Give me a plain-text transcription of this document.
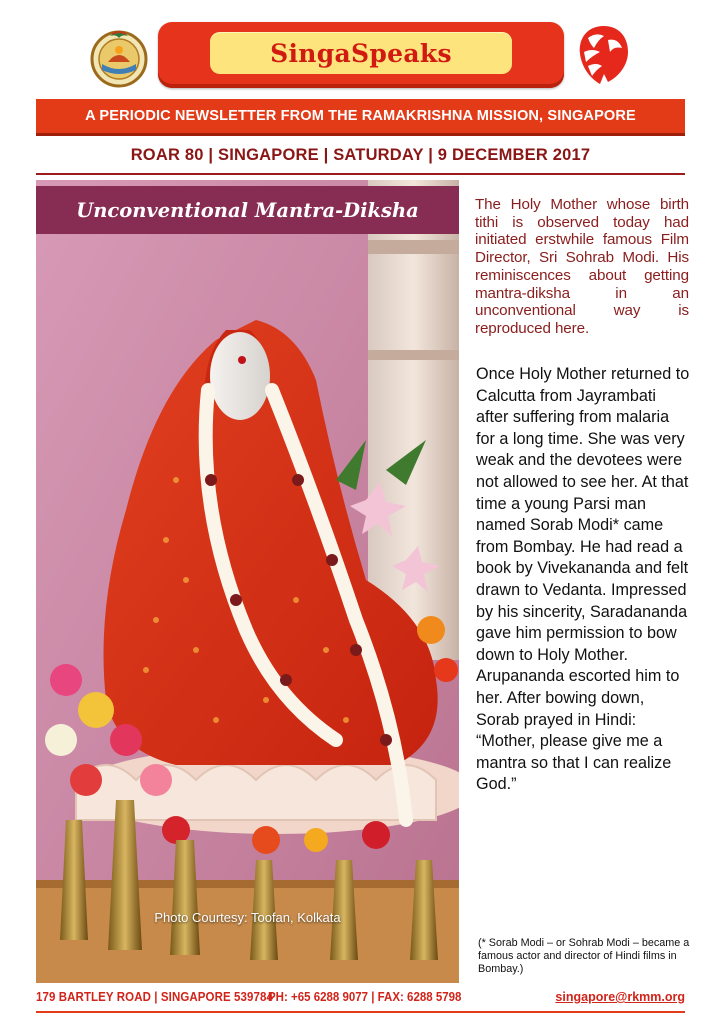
SingaSpeaks
A PERIODIC NEWSLETTER FROM THE RAMAKRISHNA MISSION, SINGAPORE
ROAR 80 | SINGAPORE | SATURDAY | 9 DECEMBER 2017
Unconventional Mantra-Diksha
Photo Courtesy: Toofan, Kolkata
The Holy Mother whose birth tithi is observed today had initiated erstwhile famous Film Director, Sri Sohrab Modi. His reminiscences about getting mantra-diksha in an unconventional way is reproduced here.
Once Holy Mother returned to Calcutta from Jayrambati after suffering from malaria for a long time. She was very weak and the devotees were not allowed to see her. At that time a young Parsi man named Sorab Modi* came from Bombay. He had read a book by Vivekananda and felt drawn to Vedanta. Impressed by his sincerity, Saradananda gave him permission to bow down to Holy Mother. Arupananda escorted him to her. After bowing down, Sorab prayed in Hindi: “Mother, please give me a mantra so that I can realize God.”
(* Sorab Modi – or Sohrab Modi – became a famous actor and director of Hindi films in Bombay.)
179 BARTLEY ROAD | SINGAPORE 539784
PH: +65 6288 9077 | FAX: 6288 5798	singapore@rkmm.org
